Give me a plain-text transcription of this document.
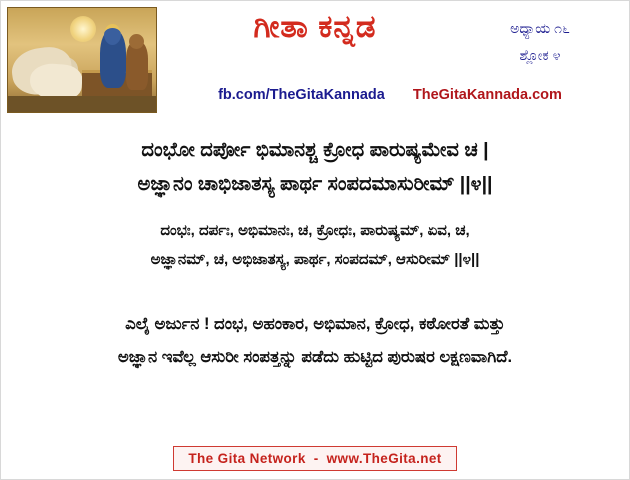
ಗೀತಾ ಕನ್ನಡ	ಅಧ್ಯಾಯ ೧೬
ಶ್ಲೋಕ ೪
fb.com/TheGitaKannada TheGitaKannada.com
ದಂಭೋ ದರ್ಪೋ ಭಿಮಾನಶ್ಚ ಕ್ರೋಧ ಪಾರುಷ್ಯಮೇವ ಚ |
ಅಜ್ಞಾನಂ ಚಾಭಿಜಾತಸ್ಯ ಪಾರ್ಥ ಸಂಪದಮಾಸುರೀಮ್ ||೪||
ದಂಭಃ, ದರ್ಪಃ, ಅಭಿಮಾನಃ, ಚ, ಕ್ರೋಧಃ, ಪಾರುಷ್ಯಮ್, ಏವ, ಚ,
ಅಜ್ಞಾನಮ್, ಚ, ಅಭಿಜಾತಸ್ಯ, ಪಾರ್ಥ, ಸಂಪದಮ್, ಆಸುರೀಮ್ ||೪||
ಎಲೈ ಅರ್ಜುನ ! ದಂಭ, ಅಹಂಕಾರ, ಅಭಿಮಾನ, ಕ್ರೋಧ, ಕಠೋರತೆ ಮತ್ತು
ಅಜ್ಞಾನ ಇವೆಲ್ಲ ಆಸುರೀ ಸಂಪತ್ತನ್ನು ಪಡೆದು ಹುಟ್ಟಿದ ಪುರುಷರ ಲಕ್ಷಣವಾಗಿದೆ.
The Gita Network - www.TheGita.net
